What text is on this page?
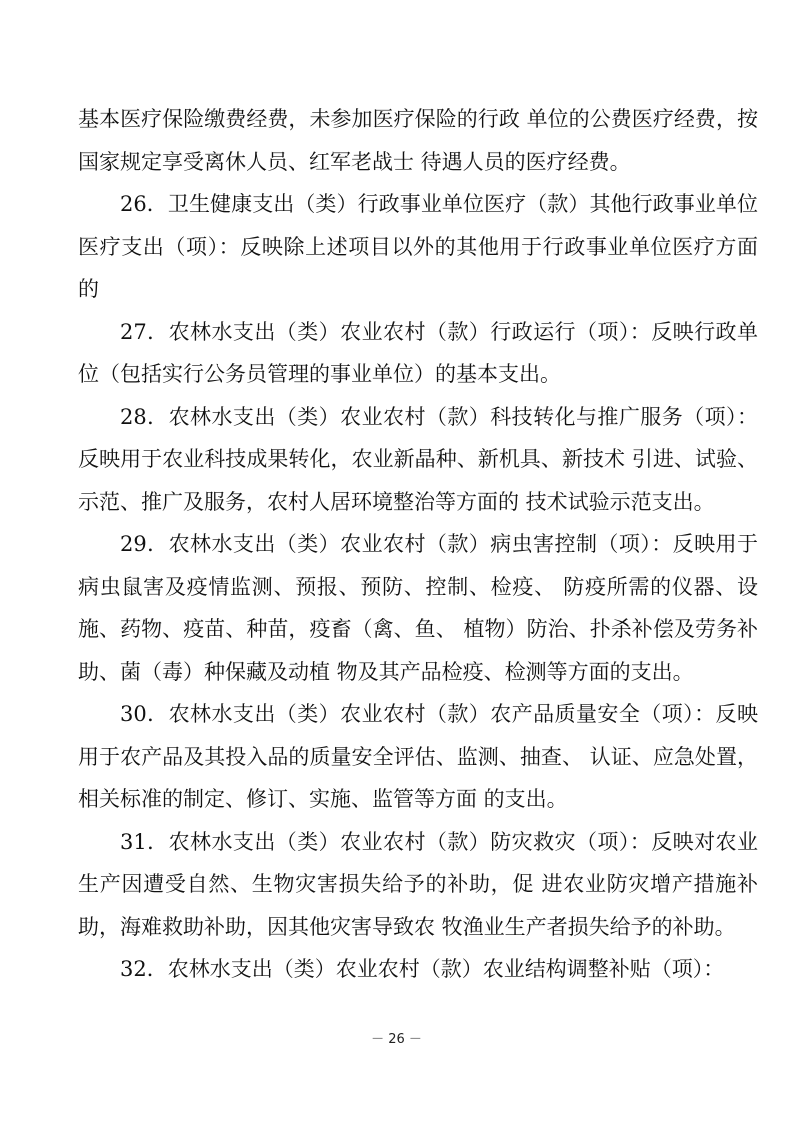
基本医疗保险缴费经费，未参加医疗保险的行政 单位的公费医疗经费，按国家规定享受离休人员、红军老战士 待遇人员的医疗经费。

26．卫生健康支出（类）行政事业单位医疗（款）其他行政事业单位医疗支出（项）：反映除上述项目以外的其他用于行政事业单位医疗方面的

27．农林水支出（类）农业农村（款）行政运行（项）：反映行政单位（包括实行公务员管理的事业单位）的基本支出。

28．农林水支出（类）农业农村（款）科技转化与推广服务（项）：反映用于农业科技成果转化，农业新晶种、新机具、新技术 引进、试验、示范、推广及服务，农村人居环境整治等方面的 技术试验示范支出。

29．农林水支出（类）农业农村（款）病虫害控制（项）：反映用于病虫鼠害及疫情监测、预报、预防、控制、检疫、 防疫所需的仪器、设施、药物、疫苗、种苗，疫畜（禽、鱼、 植物）防治、扑杀补偿及劳务补助、菌（毒）种保藏及动植 物及其产品检疫、检测等方面的支出。

30．农林水支出（类）农业农村（款）农产品质量安全（项）：反映用于农产品及其投入品的质量安全评估、监测、抽查、 认证、应急处置，相关标准的制定、修订、实施、监管等方面 的支出。

31．农林水支出（类）农业农村（款）防灾救灾（项）：反映对农业生产因遭受自然、生物灾害损失给予的补助，促 进农业防灾增产措施补助，海难救助补助，因其他灾害导致农 牧渔业生产者损失给予的补助。

32．农林水支出（类）农业农村（款）农业结构调整补贴（项）：

－ 26 －
